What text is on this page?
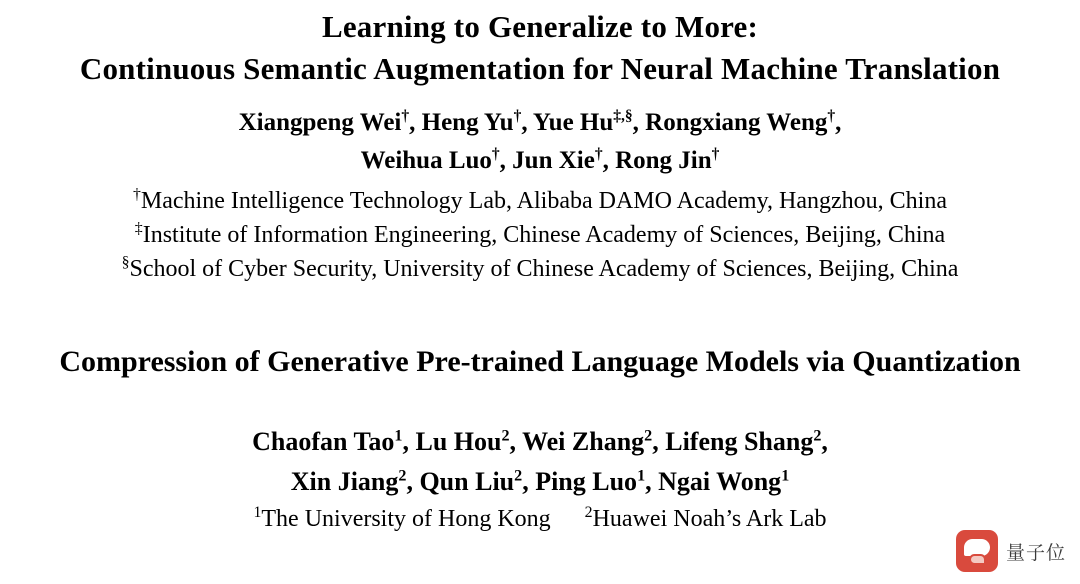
Learning to Generalize to More:
Continuous Semantic Augmentation for Neural Machine Translation
Xiangpeng Wei†, Heng Yu†, Yue Hu‡,§, Rongxiang Weng†,
Weihua Luo†, Jun Xie†, Rong Jin†
†Machine Intelligence Technology Lab, Alibaba DAMO Academy, Hangzhou, China
‡Institute of Information Engineering, Chinese Academy of Sciences, Beijing, China
§School of Cyber Security, University of Chinese Academy of Sciences, Beijing, China
Compression of Generative Pre-trained Language Models via Quantization
Chaofan Tao$^1$, Lu Hou$^2$, Wei Zhang$^2$, Lifeng Shang$^2$,
Xin Jiang$^2$, Qun Liu$^2$, Ping Luo$^1$, Ngai Wong$^1$
$^1$The University of Hong Kong $^2$Huawei Noah’s Ark Lab
量子位
